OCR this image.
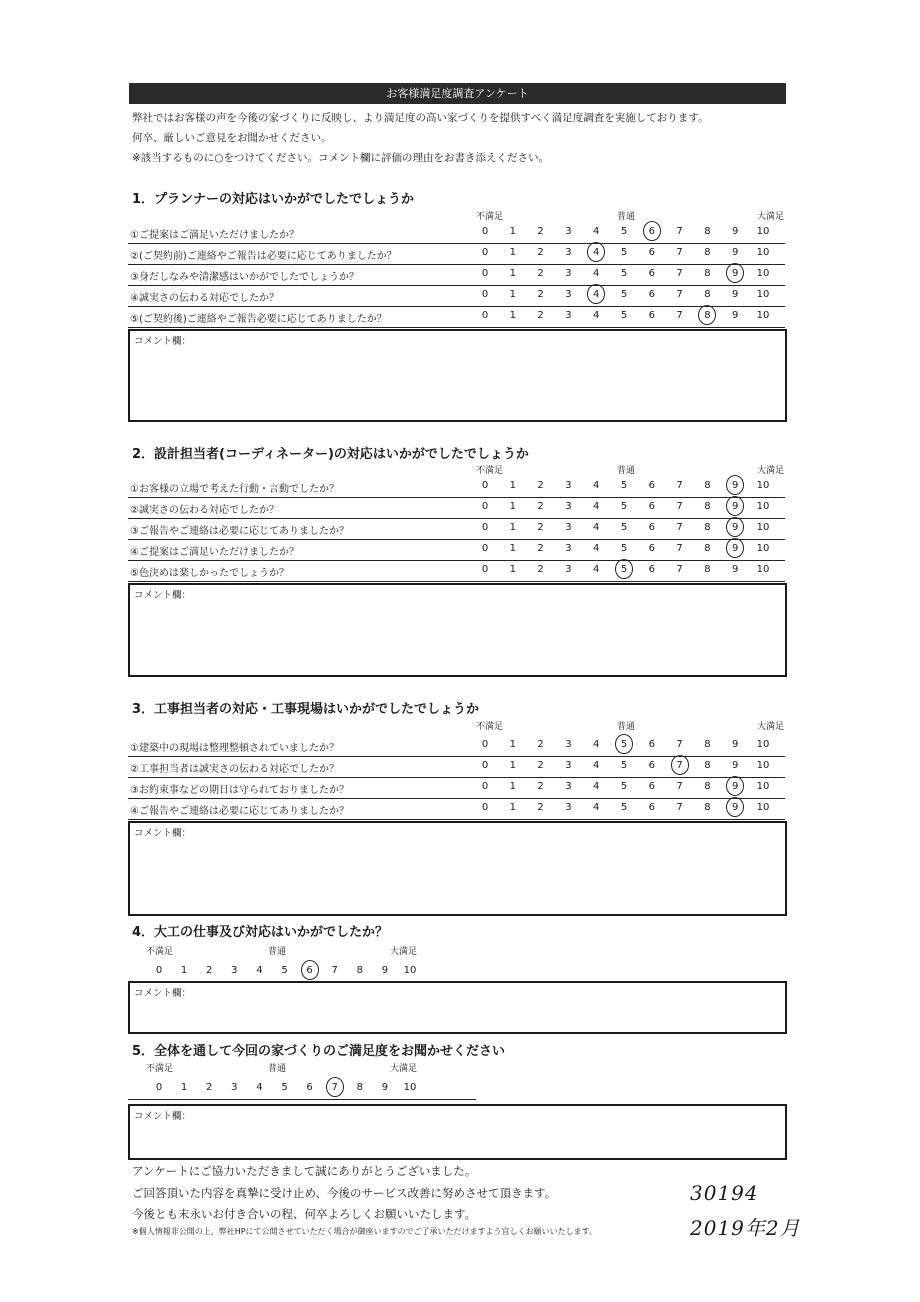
お客様満足度調査アンケート
弊社ではお客様の声を今後の家づくりに反映し、より満足度の高い家づくりを提供すべく満足度調査を実施しております。
何卒、厳しいご意見をお聞かせください。
※該当するものに○をつけてください。コメント欄に評価の理由をお書き添えください。
1．プランナーの対応はいかがでしたでしょうか
不満足	普通	大満足
①ご提案はご満足いただけましたか？	0	1	2	3	4	5	6	7	8	9	10
②(ご契約前)ご連絡やご報告は必要に応じてありましたか？	0	1	2	3	4	5	6	7	8	9	10
③身だしなみや清潔感はいかがでしたでしょうか？	0	1	2	3	4	5	6	7	8	9	10
④誠実さの伝わる対応でしたか？	0	1	2	3	4	5	6	7	8	9	10
⑤(ご契約後)ご連絡やご報告必要に応じてありましたか？	0	1	2	3	4	5	6	7	8	9	10
コメント欄：
2．設計担当者(コーディネーター)の対応はいかがでしたでしょうか
不満足	普通	大満足
①お客様の立場で考えた行動・言動でしたか？	0	1	2	3	4	5	6	7	8	9	10
②誠実さの伝わる対応でしたか？	0	1	2	3	4	5	6	7	8	9	10
③ご報告やご連絡は必要に応じてありましたか？	0	1	2	3	4	5	6	7	8	9	10
④ご提案はご満足いただけましたか？	0	1	2	3	4	5	6	7	8	9	10
⑤色決めは楽しかったでしょうか？	0	1	2	3	4	5	6	7	8	9	10
コメント欄：
3．工事担当者の対応・工事現場はいかがでしたでしょうか
不満足	普通	大満足
①建築中の現場は整理整頓されていましたか？	0	1	2	3	4	5	6	7	8	9	10
②工事担当者は誠実さの伝わる対応でしたか？	0	1	2	3	4	5	6	7	8	9	10
③お約束事などの期日は守られておりましたか？	0	1	2	3	4	5	6	7	8	9	10
④ご報告やご連絡は必要に応じてありましたか？	0	1	2	3	4	5	6	7	8	9	10
コメント欄：
4．大工の仕事及び対応はいかがでしたか？
不満足	普通	大満足
コメント欄：
5．全体を通して今回の家づくりのご満足度をお聞かせください
不満足	普通	大満足
コメント欄：
アンケートにご協力いただきまして誠にありがとうございました。
ご回答頂いた内容を真摯に受け止め、今後のサービス改善に努めさせて頂きます。
今後とも末永いお付き合いの程、何卒よろしくお願いいたします。
※個人情報非公開の上、弊社HPにて公開させていただく場合が御座いますのでご了承いただけますよう宜しくお願いいたします。
30194
2019年2月
0	1	2	3	4	5	6	7	8	9	10
0	1	2	3	4	5	6	7	8	9	10
